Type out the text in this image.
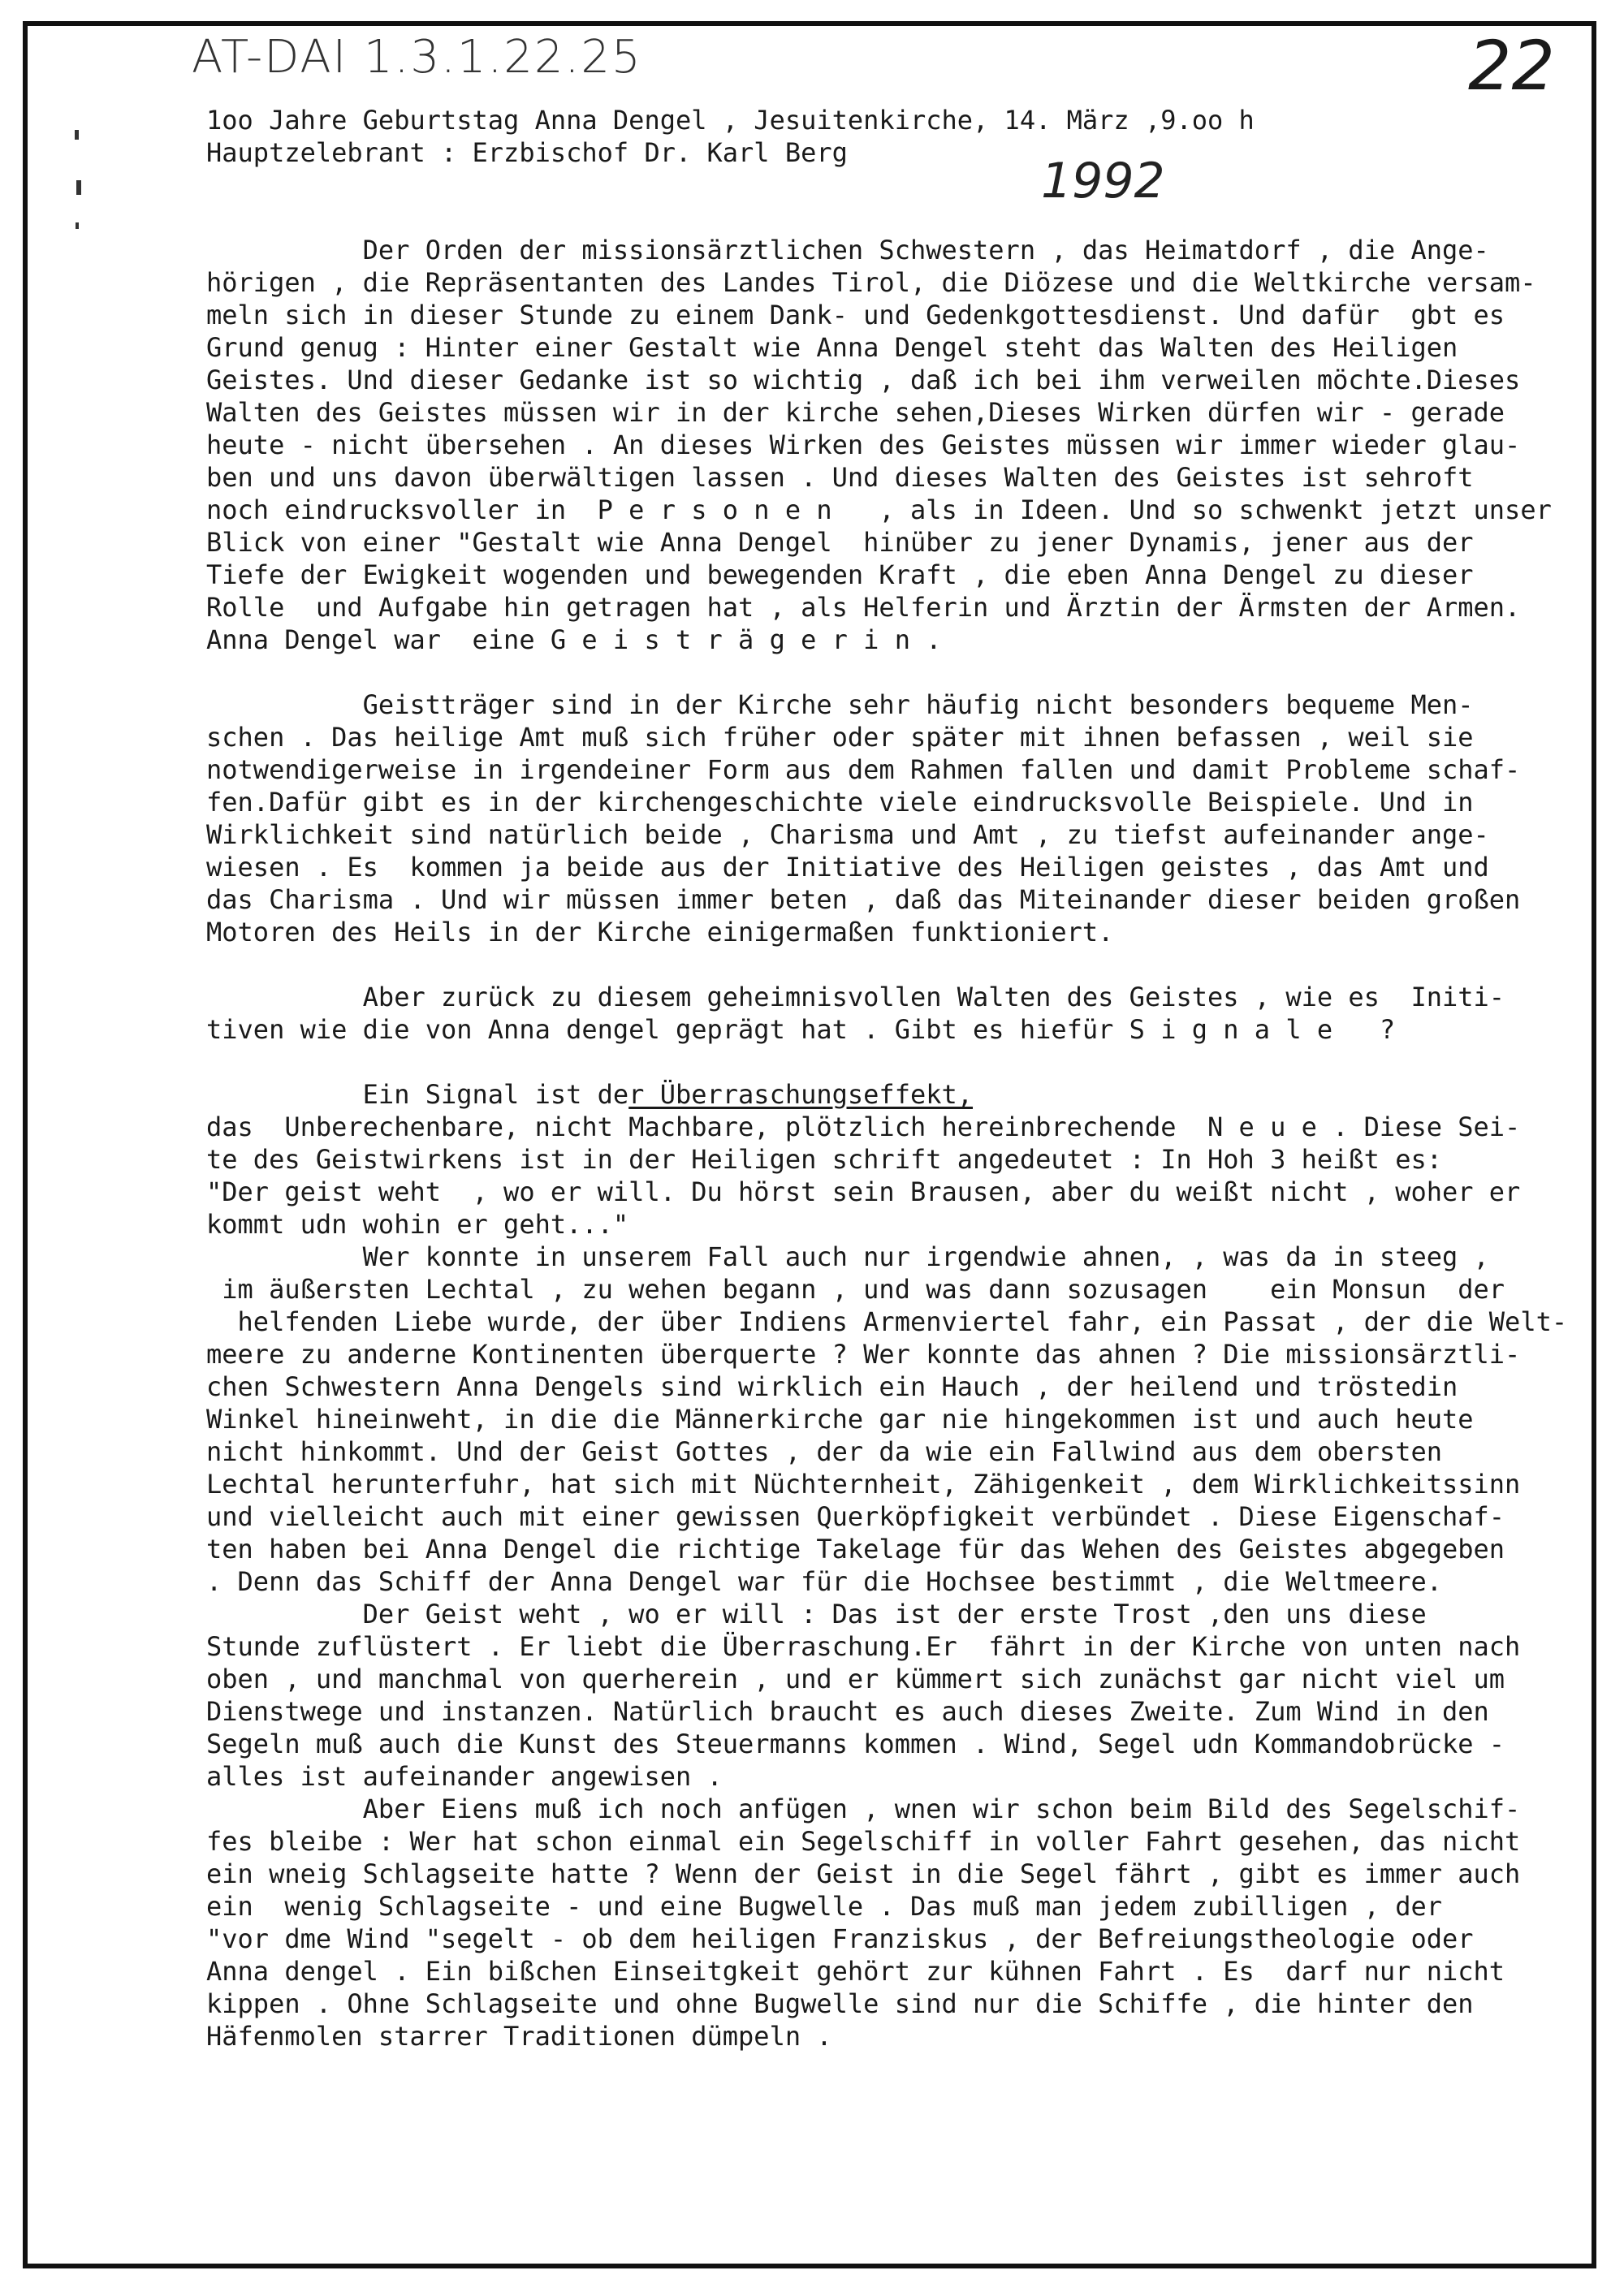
AT-DAI 1.3.1.22.25	22
1992
1oo Jahre Geburtstag Anna Dengel , Jesuitenkirche, 14. März ,9.oo h
Hauptzelebrant : Erzbischof Dr. Karl Berg
Der Orden der missionsärztlichen Schwestern , das Heimatdorf , die Ange-
hörigen , die Repräsentanten des Landes Tirol, die Diözese und die Weltkirche versam-
meln sich in dieser Stunde zu einem Dank- und Gedenkgottesdienst. Und dafür  gbt es
Grund genug : Hinter einer Gestalt wie Anna Dengel steht das Walten des Heiligen
Geistes. Und dieser Gedanke ist so wichtig , daß ich bei ihm verweilen möchte.Dieses
Walten des Geistes müssen wir in der kirche sehen,Dieses Wirken dürfen wir - gerade
heute - nicht übersehen . An dieses Wirken des Geistes müssen wir immer wieder glau-
ben und uns davon überwältigen lassen . Und dieses Walten des Geistes ist sehroft
noch eindrucksvoller in  P e r s o n e n   , als in Ideen. Und so schwenkt jetzt unser
Blick von einer "Gestalt wie Anna Dengel  hinüber zu jener Dynamis, jener aus der
Tiefe der Ewigkeit wogenden und bewegenden Kraft , die eben Anna Dengel zu dieser
Rolle  und Aufgabe hin getragen hat , als Helferin und Ärztin der Ärmsten der Armen.
Anna Dengel war  eine G e i s t r ä g e r i n .
Geistträger sind in der Kirche sehr häufig nicht besonders bequeme Men-
schen . Das heilige Amt muß sich früher oder später mit ihnen befassen , weil sie
notwendigerweise in irgendeiner Form aus dem Rahmen fallen und damit Probleme schaf-
fen.Dafür gibt es in der kirchengeschichte viele eindrucksvolle Beispiele. Und in
Wirklichkeit sind natürlich beide , Charisma und Amt , zu tiefst aufeinander ange-
wiesen . Es  kommen ja beide aus der Initiative des Heiligen geistes , das Amt und
das Charisma . Und wir müssen immer beten , daß das Miteinander dieser beiden großen
Motoren des Heils in der Kirche einigermaßen funktioniert.
Aber zurück zu diesem geheimnisvollen Walten des Geistes , wie es  Initi-
tiven wie die von Anna dengel geprägt hat . Gibt es hiefür S i g n a l e   ?
Ein Signal ist der Überraschungseffekt,
das  Unberechenbare, nicht Machbare, plötzlich hereinbrechende  N e u e . Diese Sei-
te des Geistwirkens ist in der Heiligen schrift angedeutet : In Hoh 3 heißt es:
"Der geist weht  , wo er will. Du hörst sein Brausen, aber du weißt nicht , woher er
kommt udn wohin er geht..."
Wer konnte in unserem Fall auch nur irgendwie ahnen, , was da in steeg ,
im äußersten Lechtal , zu wehen begann , und was dann sozusagen    ein Monsun  der
helfenden Liebe wurde, der über Indiens Armenviertel fahr, ein Passat , der die Welt-
meere zu anderne Kontinenten überquerte ? Wer konnte das ahnen ? Die missionsärztli-
chen Schwestern Anna Dengels sind wirklich ein Hauch , der heilend und tröstedin
Winkel hineinweht, in die die Männerkirche gar nie hingekommen ist und auch heute
nicht hinkommt. Und der Geist Gottes , der da wie ein Fallwind aus dem obersten
Lechtal herunterfuhr, hat sich mit Nüchternheit, Zähigenkeit , dem Wirklichkeitssinn
und vielleicht auch mit einer gewissen Querköpfigkeit verbündet . Diese Eigenschaf-
ten haben bei Anna Dengel die richtige Takelage für das Wehen des Geistes abgegeben
. Denn das Schiff der Anna Dengel war für die Hochsee bestimmt , die Weltmeere.
Der Geist weht , wo er will : Das ist der erste Trost ,den uns diese
Stunde zuflüstert . Er liebt die Überraschung.Er  fährt in der Kirche von unten nach
oben , und manchmal von querherein , und er kümmert sich zunächst gar nicht viel um
Dienstwege und instanzen. Natürlich braucht es auch dieses Zweite. Zum Wind in den
Segeln muß auch die Kunst des Steuermanns kommen . Wind, Segel udn Kommandobrücke -
alles ist aufeinander angewisen .
Aber Eiens muß ich noch anfügen , wnen wir schon beim Bild des Segelschif-
fes bleibe : Wer hat schon einmal ein Segelschiff in voller Fahrt gesehen, das nicht
ein wneig Schlagseite hatte ? Wenn der Geist in die Segel fährt , gibt es immer auch
ein  wenig Schlagseite - und eine Bugwelle . Das muß man jedem zubilligen , der
"vor dme Wind "segelt - ob dem heiligen Franziskus , der Befreiungstheologie oder
Anna dengel . Ein bißchen Einseitgkeit gehört zur kühnen Fahrt . Es  darf nur nicht
kippen . Ohne Schlagseite und ohne Bugwelle sind nur die Schiffe , die hinter den
Häfenmolen starrer Traditionen dümpeln .
